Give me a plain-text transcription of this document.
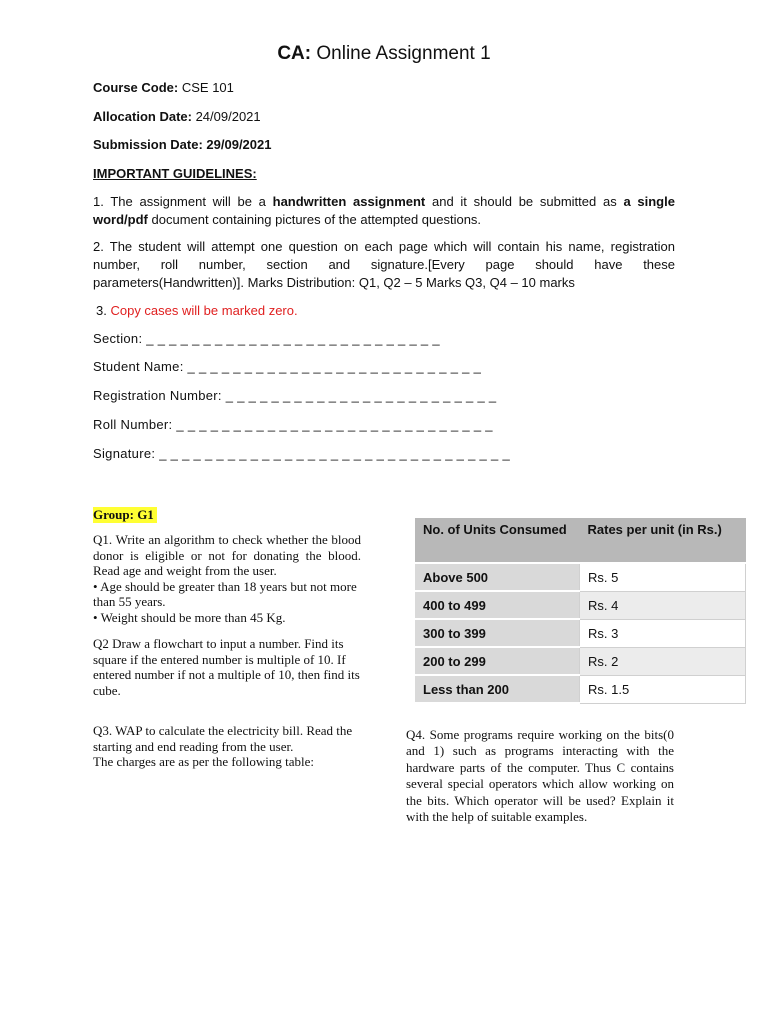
CA: Online Assignment 1
Course Code: CSE 101
Allocation Date: 24/09/2021
Submission Date: 29/09/2021
IMPORTANT GUIDELINES:
1. The assignment will be a handwritten assignment and it should be submitted as a single word/pdf document containing pictures of the attempted questions.
2. The student will attempt one question on each page which will contain his name, registration number, roll number, section and signature.[Every page should have these parameters(Handwritten)]. Marks Distribution: Q1, Q2 – 5 Marks Q3, Q4 – 10 marks
3. Copy cases will be marked zero.
Section: _ _ _ _ _ _ _ _ _ _ _ _ _ _ _ _ _ _ _ _ _ _ _ _ _ _
Student Name: _ _ _ _ _ _ _ _ _ _ _ _ _ _ _ _ _ _ _ _ _ _ _ _ _ _
Registration Number: _ _ _ _ _ _ _ _ _ _ _ _ _ _ _ _ _ _ _ _ _ _ _ _
Roll Number: _ _ _ _ _ _ _ _ _ _ _ _ _ _ _ _ _ _ _ _ _ _ _ _ _ _ _ _
Signature: _ _ _ _ _ _ _ _ _ _ _ _ _ _ _ _ _ _ _ _ _ _ _ _ _ _ _ _ _ _ _
Group: G1
Q1. Write an algorithm to check whether the blood donor is eligible or not for donating the blood. Read age and weight from the user.
• Age should be greater than 18 years but not more than 55 years.
• Weight should be more than 45 Kg.
Q2 Draw a flowchart to input a number. Find its square if the entered number is multiple of 10. If entered number if not a multiple of 10, then find its cube.
Q3. WAP to calculate the electricity bill. Read the starting and end reading from the user.
The charges are as per the following table:
No. of Units Consumed	Rates per unit (in Rs.)
Above 500	Rs. 5
400 to 499	Rs. 4
300 to 399	Rs. 3
200 to 299	Rs. 2
Less than 200	Rs. 1.5
Q4. Some programs require working on the bits(0 and 1) such as programs interacting with the hardware parts of the computer. Thus C contains several special operators which allow working on the bits. Which operator will be used? Explain it with the help of suitable examples.
